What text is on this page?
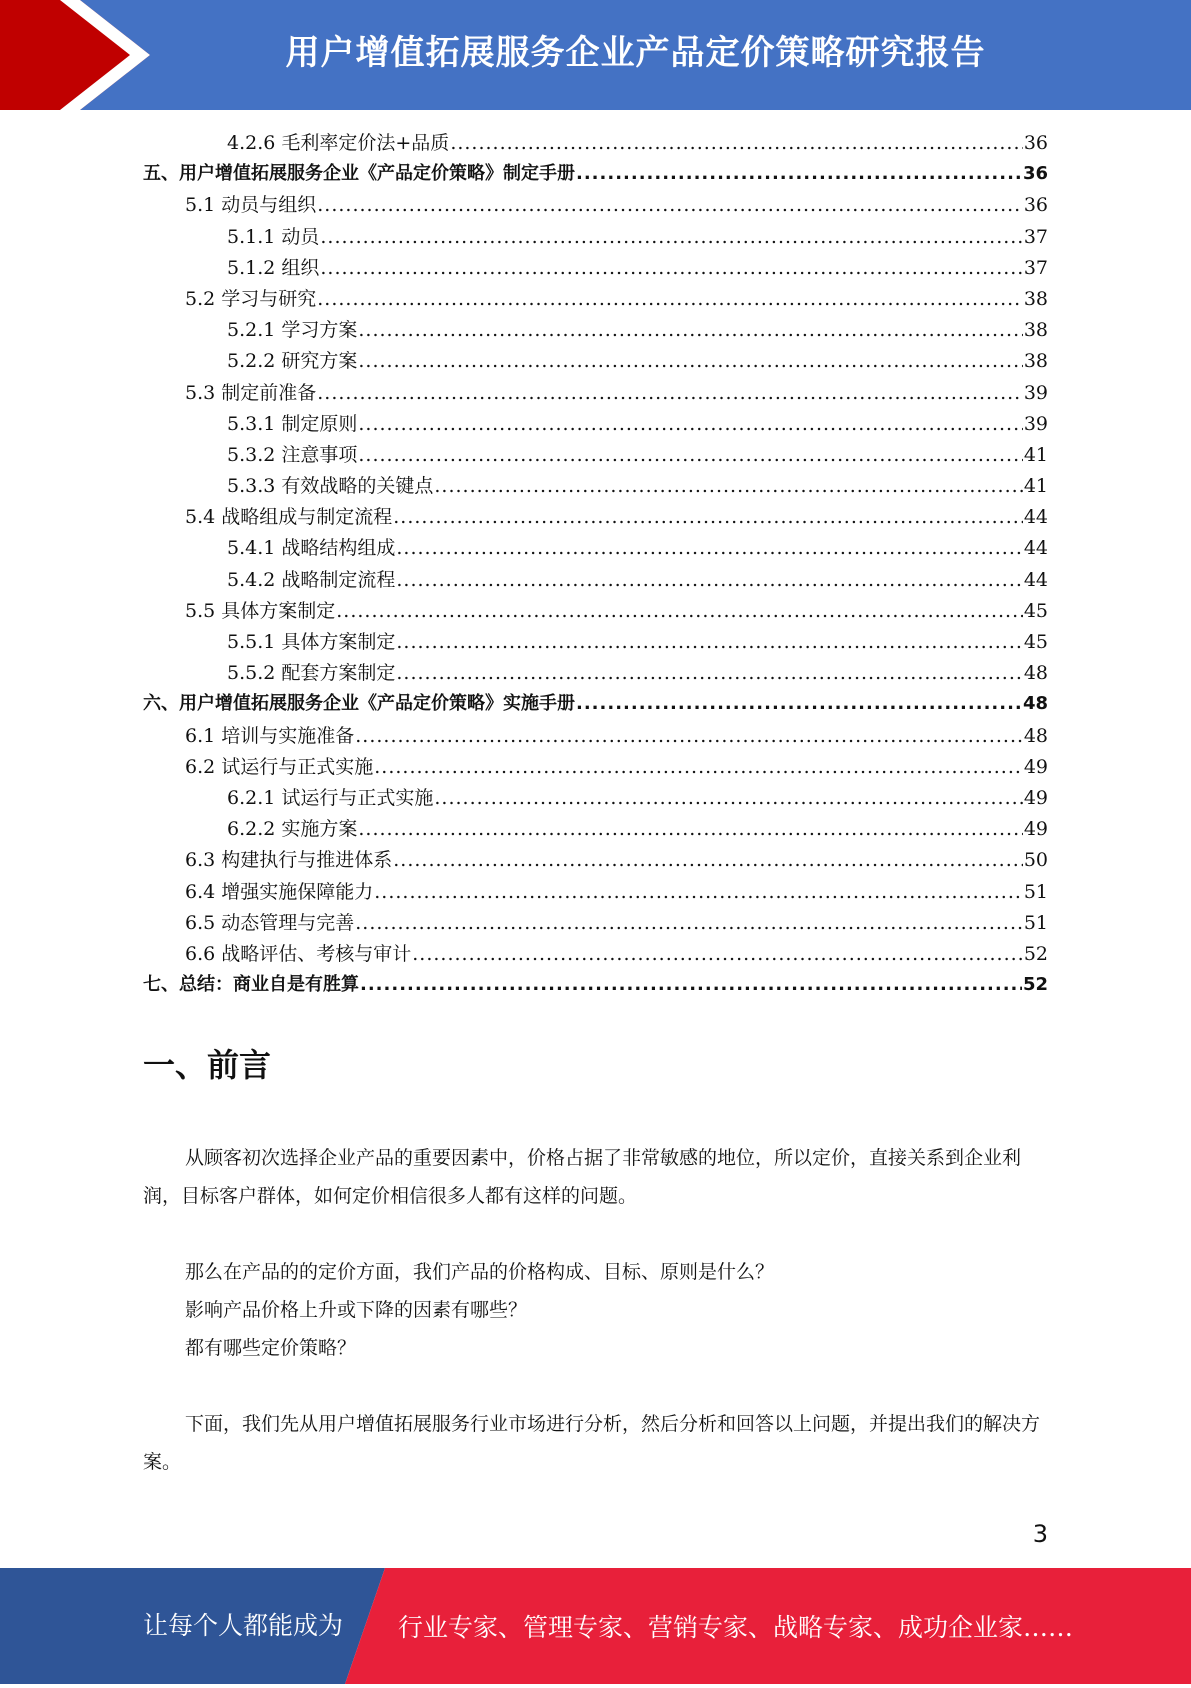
用户增值拓展服务企业产品定价策略研究报告
4.2.6 毛利率定价法+品质 .....	36
五、用户增值拓展服务企业《产品定价策略》制定手册 .....	36
5.1 动员与组织 .....	36
5.1.1 动员 .....	37
5.1.2 组织 .....	37
5.2 学习与研究 .....	38
5.2.1 学习方案 .....	38
5.2.2 研究方案 .....	38
5.3 制定前准备 .....	39
5.3.1 制定原则 .....	39
5.3.2 注意事项 .....	41
5.3.3 有效战略的关键点 .....	41
5.4 战略组成与制定流程 .....	44
5.4.1 战略结构组成 .....	44
5.4.2 战略制定流程 .....	44
5.5 具体方案制定 .....	45
5.5.1 具体方案制定 .....	45
5.5.2 配套方案制定 .....	48
六、用户增值拓展服务企业《产品定价策略》实施手册 .....	48
6.1 培训与实施准备 .....	48
6.2 试运行与正式实施 .....	49
6.2.1 试运行与正式实施 .....	49
6.2.2 实施方案 .....	49
6.3 构建执行与推进体系 .....	50
6.4 增强实施保障能力 .....	51
6.5 动态管理与完善 .....	51
6.6 战略评估、考核与审计 .....	52
七、总结：商业自是有胜算 .....	52
一、前言

从顾客初次选择企业产品的重要因素中，价格占据了非常敏感的地位，所以定价，直接关系到企业利润，目标客户群体，如何定价相信很多人都有这样的问题。

那么在产品的的定价方面，我们产品的价格构成、目标、原则是什么？

影响产品价格上升或下降的因素有哪些？

都有哪些定价策略？

下面，我们先从用户增值拓展服务行业市场进行分析，然后分析和回答以上问题，并提出我们的解决方案。

3
让每个人都能成为 行业专家、管理专家、营销专家、战略专家、成功企业家……
